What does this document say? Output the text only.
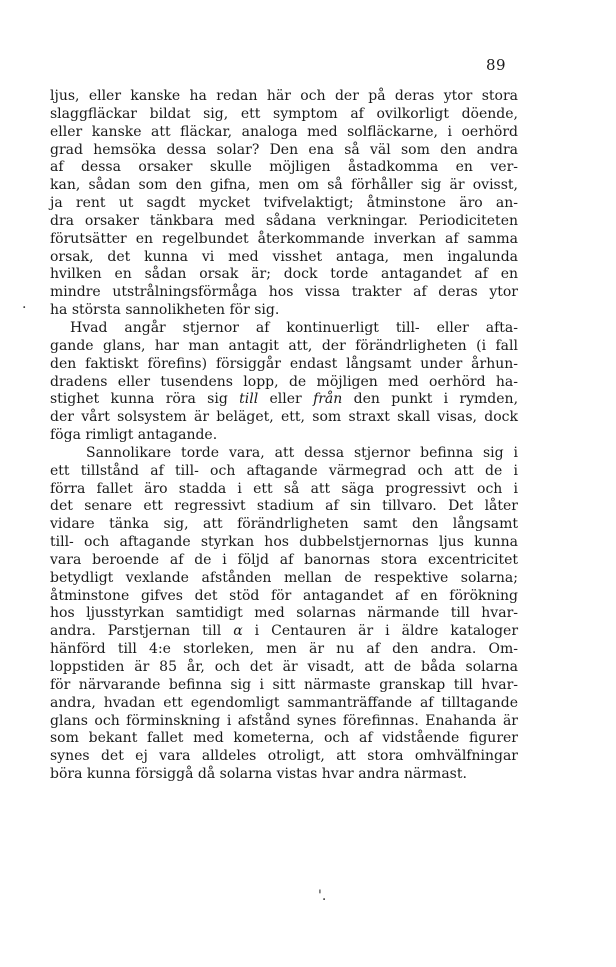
89
ljus, eller kanske ha redan här och der på deras ytor stora
slaggfläckar bildat sig, ett symptom af ovilkorligt döende,
eller kanske att fläckar, analoga med solfläckarne, i oerhörd
grad hemsöka dessa solar? Den ena så väl som den andra
af dessa orsaker skulle möjligen åstadkomma en ver-
kan, sådan som den gifna, men om så förhåller sig är ovisst,
ja rent ut sagdt mycket tvifvelaktigt; åtminstone äro an-
dra orsaker tänkbara med sådana verkningar. Periodiciteten
förutsätter en regelbundet återkommande inverkan af samma
orsak, det kunna vi med visshet antaga, men ingalunda
hvilken en sådan orsak är; dock torde antagandet af en
mindre utstrålningsförmåga hos vissa trakter af deras ytor
ha största sannolikheten för sig.
Hvad angår stjernor af kontinuerligt till- eller afta-
gande glans, har man antagit att, der förändrligheten (i fall
den faktiskt förefins) försiggår endast långsamt under århun-
dradens eller tusendens lopp, de möjligen med oerhörd ha-
stighet kunna röra sig till eller från den punkt i rymden,
der vårt solsystem är beläget, ett, som straxt skall visas, dock
föga rimligt antagande.
Sannolikare torde vara, att dessa stjernor befinna sig i
ett tillstånd af till- och aftagande värmegrad och att de i
förra fallet äro stadda i ett så att säga progressivt och i
det senare ett regressivt stadium af sin tillvaro. Det låter
vidare tänka sig, att förändrligheten samt den långsamt
till- och aftagande styrkan hos dubbelstjernornas ljus kunna
vara beroende af de i följd af banornas stora excentricitet
betydligt vexlande afstånden mellan de respektive solarna;
åtminstone gifves det stöd för antagandet af en förökning
hos ljusstyrkan samtidigt med solarnas närmande till hvar-
andra. Parstjernan till α i Centauren är i äldre kataloger
hänförd till 4:e storleken, men är nu af den andra. Om-
loppstiden är 85 år, och det är visadt, att de båda solarna
för närvarande befinna sig i sitt närmaste granskap till hvar-
andra, hvadan ett egendomligt sammanträffande af tilltagande
glans och förminskning i afstånd synes förefinnas. Enahanda är
som bekant fallet med kometerna, och af vidstående figurer
synes det ej vara alldeles otroligt, att stora omhvälfningar
böra kunna försiggå då solarna vistas hvar andra närmast.
.
'.
